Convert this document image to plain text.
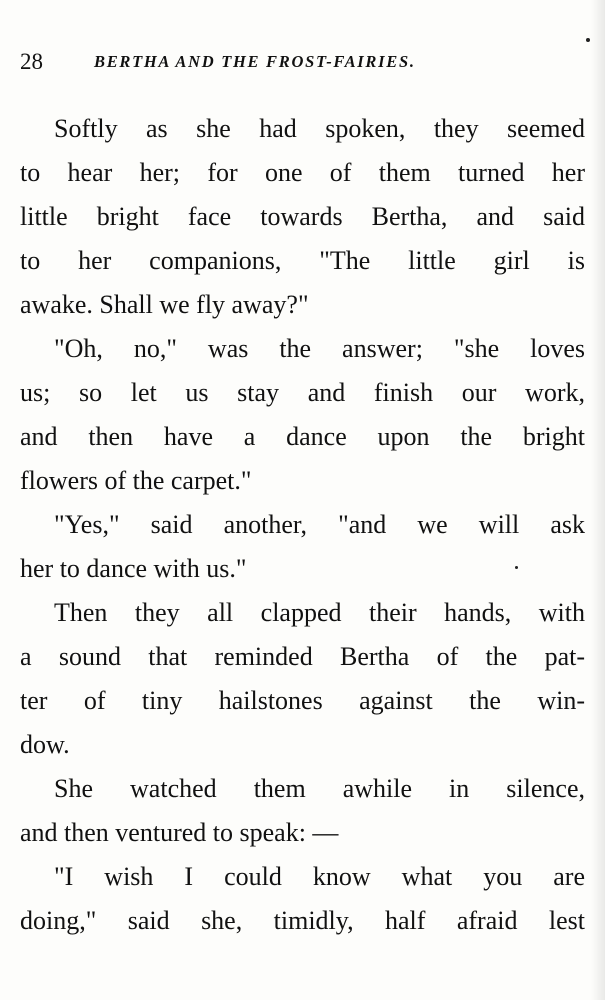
28	BERTHA AND THE FROST-FAIRIES.
Softly as she had spoken, they seemed
to hear her; for one of them turned her
little bright face towards Bertha, and said
to her companions, "The little girl is
awake. Shall we fly away?"
"Oh, no," was the answer; "she loves
us; so let us stay and finish our work,
and then have a dance upon the bright
flowers of the carpet."
"Yes," said another, "and we will ask
her to dance with us."
Then they all clapped their hands, with
a sound that reminded Bertha of the pat-
ter of tiny hailstones against the win-
dow.
She watched them awhile in silence,
and then ventured to speak: —
"I wish I could know what you are
doing," said she, timidly, half afraid lest
